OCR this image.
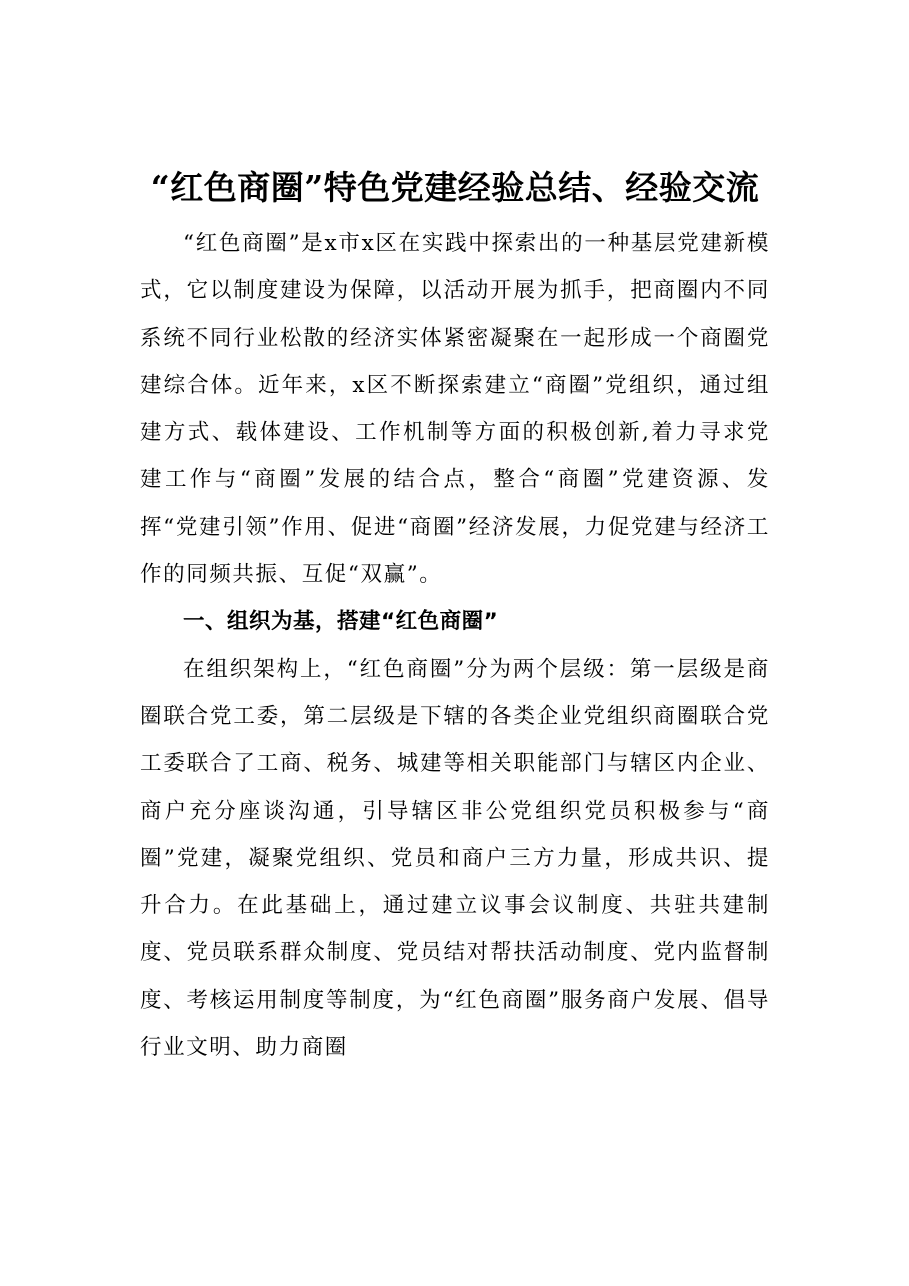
“红色商圈”特色党建经验总结、经验交流

“红色商圈”是x市x区在实践中探索出的一种基层党建新模式，它以制度建设为保障，以活动开展为抓手，把商圈内不同系统不同行业松散的经济实体紧密凝聚在一起形成一个商圈党建综合体。近年来，x区不断探索建立“商圈”党组织，通过组建方式、载体建设、工作机制等方面的积极创新,着力寻求党建工作与“商圈”发展的结合点，整合“商圈”党建资源、发挥“党建引领”作用、促进“商圈”经济发展，力促党建与经济工作的同频共振、互促“双赢”。

一、组织为基，搭建“红色商圈”

在组织架构上，“红色商圈”分为两个层级：第一层级是商圈联合党工委，第二层级是下辖的各类企业党组织商圈联合党工委联合了工商、税务、城建等相关职能部门与辖区内企业、商户充分座谈沟通，引导辖区非公党组织党员积极参与“商圈”党建，凝聚党组织、党员和商户三方力量，形成共识、提升合力。在此基础上，通过建立议事会议制度、共驻共建制度、党员联系群众制度、党员结对帮扶活动制度、党内监督制度、考核运用制度等制度，为“红色商圈”服务商户发展、倡导行业文明、助力商圈
